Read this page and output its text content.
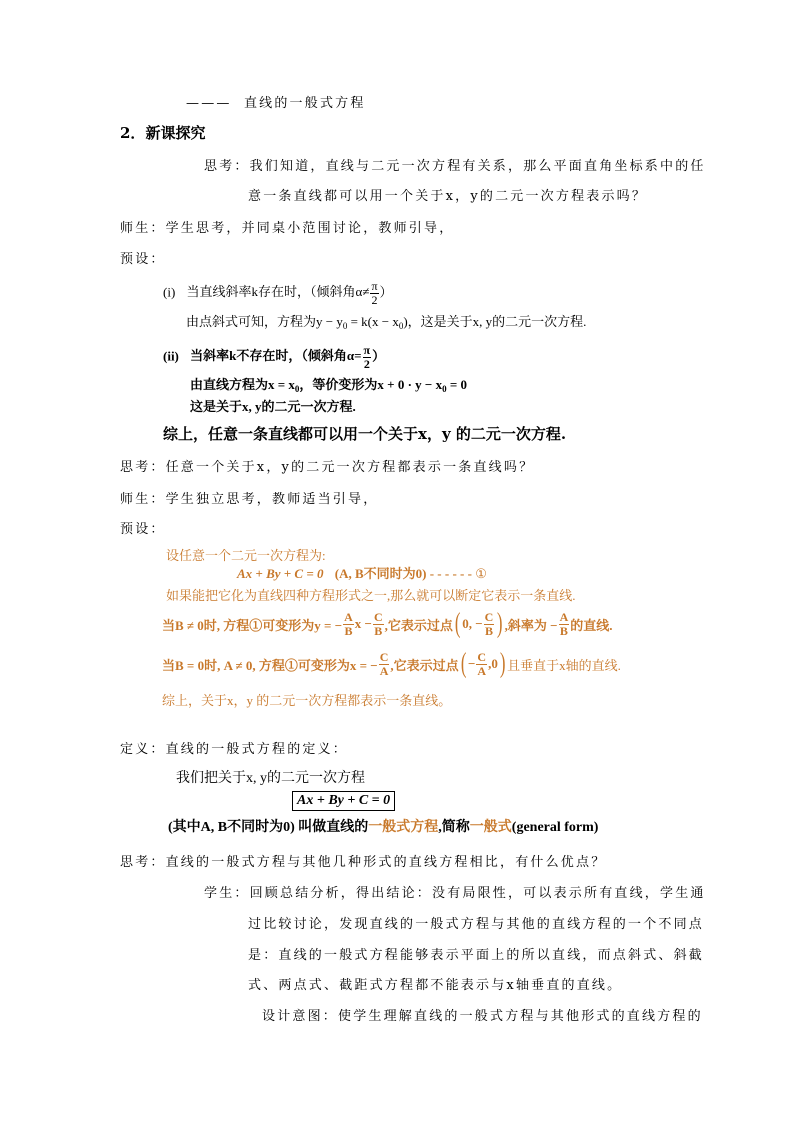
——— 直线的一般式方程
2．新课探究
思考：我们知道，直线与二元一次方程有关系，那么平面直角坐标系中的任
意一条直线都可以用一个关于x，y的二元一次方程表示吗？
师生：学生思考，并同桌小范围讨论，教师引导，
预设：
(i) 当直线斜率k存在时，（倾斜角$\alpha\ne \frac{\pi}{2}$ ）
由点斜式可知，方程为$y - y_0 = k(x - x_0)$，这是关于x, y的二元一次方程.
(ii) 当斜率k不存在时，（倾斜角$\alpha= \frac{\pi}{2}$ ）
由直线方程为$x = x_0$，等价变形为$x + 0 \cdot y - x_0 = 0$
这是关于x, y的二元一次方程.
综上，任意一条直线都可以用一个关于x，y 的二元一次方程.
思考：任意一个关于x，y的二元一次方程都表示一条直线吗？
师生：学生独立思考，教师适当引导，
预设：
设任意一个二元一次方程为:
Ax + By + C = 0 (A, B不同时为0) - - - - - - ①
如果能把它化为直线四种方程形式之一,那么就可以断定它表示一条直线.
当B ≠ 0时, 方程①可变形为y = − $\frac{A}{B}$ $x - \frac{C}{B}$ ,它表示过点 ( 0, − $\frac{C}{B}$ ) ,斜率为 − $\frac{A}{B}$ 的直线.
当B = 0时, A ≠ 0, 方程①可变形为x = − $\frac{C}{A}$ ,它表示过点 ( − $\frac{C}{A} ,0$ ) 且垂直于x轴的直线.
综上，关于x，y 的二元一次方程都表示一条直线。
定义：直线的一般式方程的定义：
我们把关于x, y的二元一次方程
Ax + By + C = 0
(其中A, B不同时为0) 叫做直线的一般式方程,简称一般式(general form)
思考：直线的一般式方程与其他几种形式的直线方程相比，有什么优点？
学生：回顾总结分析，得出结论：没有局限性，可以表示所有直线，学生通
过比较讨论，发现直线的一般式方程与其他的直线方程的一个不同点
是：直线的一般式方程能够表示平面上的所以直线，而点斜式、斜截
式、两点式、截距式方程都不能表示与x轴垂直的直线。
设计意图：使学生理解直线的一般式方程与其他形式的直线方程的
